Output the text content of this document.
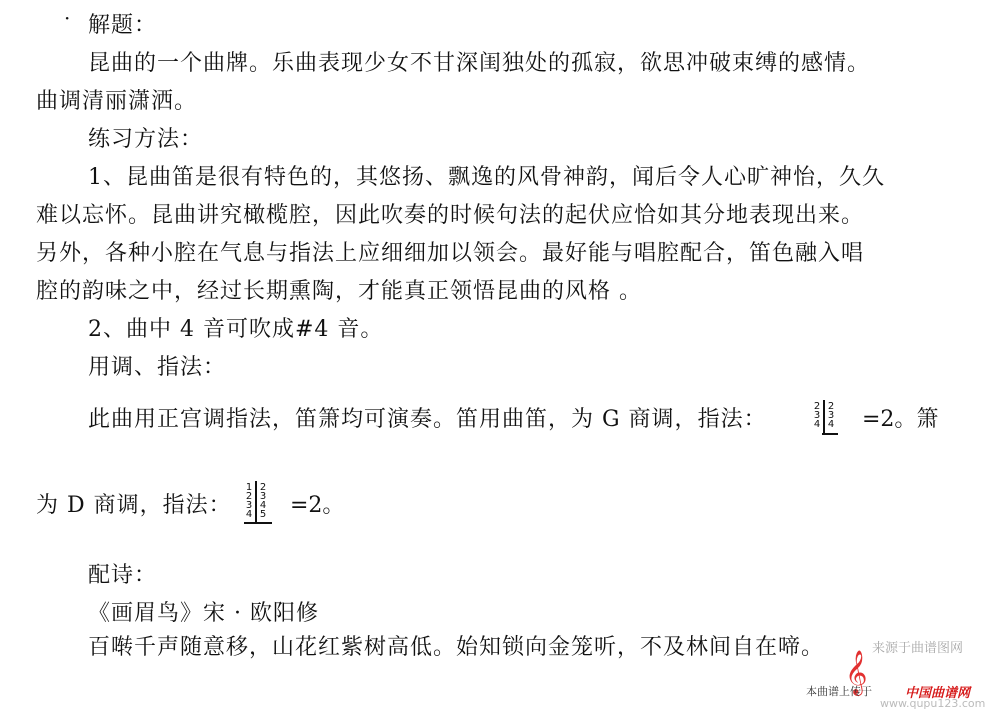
· 解题：
昆曲的一个曲牌。乐曲表现少女不甘深闺独处的孤寂，欲思冲破束缚的感情。
曲调清丽潇洒。
练习方法：
1、昆曲笛是很有特色的，其悠扬、飘逸的风骨神韵，闻后令人心旷神怡，久久
难以忘怀。昆曲讲究橄榄腔，因此吹奏的时候句法的起伏应恰如其分地表现出来。
另外，各种小腔在气息与指法上应细细加以领会。最好能与唱腔配合，笛色融入唱
腔的韵味之中，经过长期熏陶，才能真正领悟昆曲的风格 。
2、曲中 4 音可吹成#4 音。
用调、指法：
此曲用正宫调指法，笛箫均可演奏。笛用曲笛，为 G 商调，指法：
2
3
4
2
3
4 =2。箫
为 D 商调，指法：
1
2
3
4
2
3
4
5 =2。
配诗：
《画眉鸟》宋 · 欧阳修
百啭千声随意移，山花红紫树高低。始知锁向金笼听，不及林间自在啼。
𝄞
来源于曲谱图网
本曲谱上传于	中国曲谱网
www.qupu123.com
